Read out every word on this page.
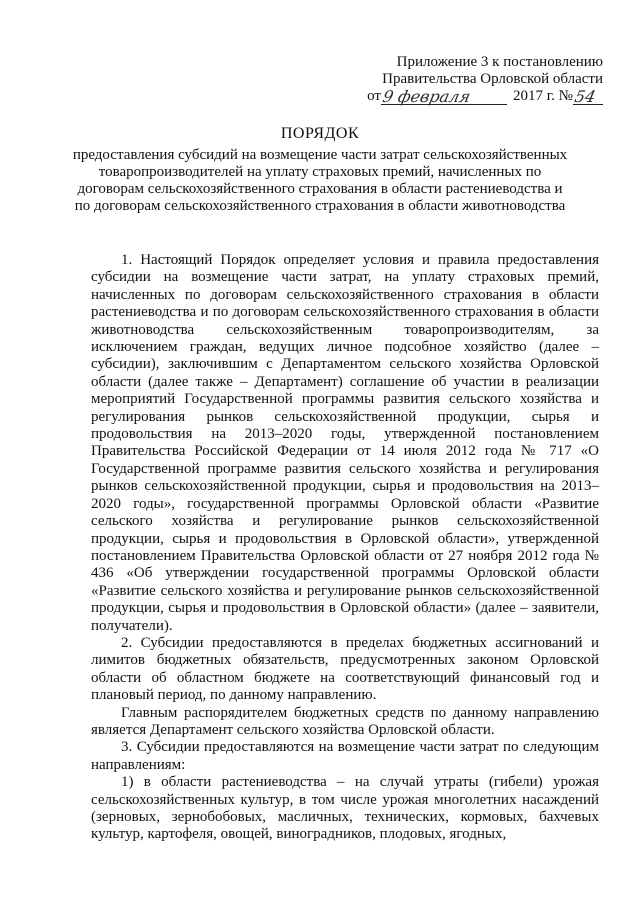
Приложение 3 к постановлению
Правительства Орловской области
от 9 февраля	2017 г. № 54
ПОРЯДОК
предоставления субсидий на возмещение части затрат сельскохозяйственных товаропроизводителей на уплату страховых премий, начисленных по договорам сельскохозяйственного страхования в области растениеводства и по договорам сельскохозяйственного страхования в области животноводства

1. Настоящий Порядок определяет условия и правила предоставления субсидии на возмещение части затрат, на уплату страховых премий, начисленных по договорам сельскохозяйственного страхования в области растениеводства и по договорам сельскохозяйственного страхования в области животноводства сельскохозяйственным товаропроизводителям, за исключением граждан, ведущих личное подсобное хозяйство (далее – субсидии), заключившим с Департаментом сельского хозяйства Орловской области (далее также – Департамент) соглашение об участии в реализации мероприятий Государственной программы развития сельского хозяйства и регулирования рынков сельскохозяйственной продукции, сырья и продовольствия на 2013–2020 годы, утвержденной постановлением Правительства Российской Федерации от 14 июля 2012 года № 717 «О Государственной программе развития сельского хозяйства и регулирования рынков сельскохозяйственной продукции, сырья и продовольствия на 2013–2020 годы», государственной программы Орловской области «Развитие сельского хозяйства и регулирование рынков сельскохозяйственной продукции, сырья и продовольствия в Орловской области», утвержденной постановлением Правительства Орловской области от 27 ноября 2012 года № 436 «Об утверждении государственной программы Орловской области «Развитие сельского хозяйства и регулирование рынков сельскохозяйственной продукции, сырья и продовольствия в Орловской области» (далее – заявители, получатели).

2. Субсидии предоставляются в пределах бюджетных ассигнований и лимитов бюджетных обязательств, предусмотренных законом Орловской области об областном бюджете на соответствующий финансовый год и плановый период, по данному направлению.

Главным распорядителем бюджетных средств по данному направлению является Департамент сельского хозяйства Орловской области.

3. Субсидии предоставляются на возмещение части затрат по следующим направлениям:

1) в области растениеводства – на случай утраты (гибели) урожая сельскохозяйственных культур, в том числе урожая многолетних насаждений (зерновых, зернобобовых, масличных, технических, кормовых, бахчевых культур, картофеля, овощей, виноградников, плодовых, ягодных,
